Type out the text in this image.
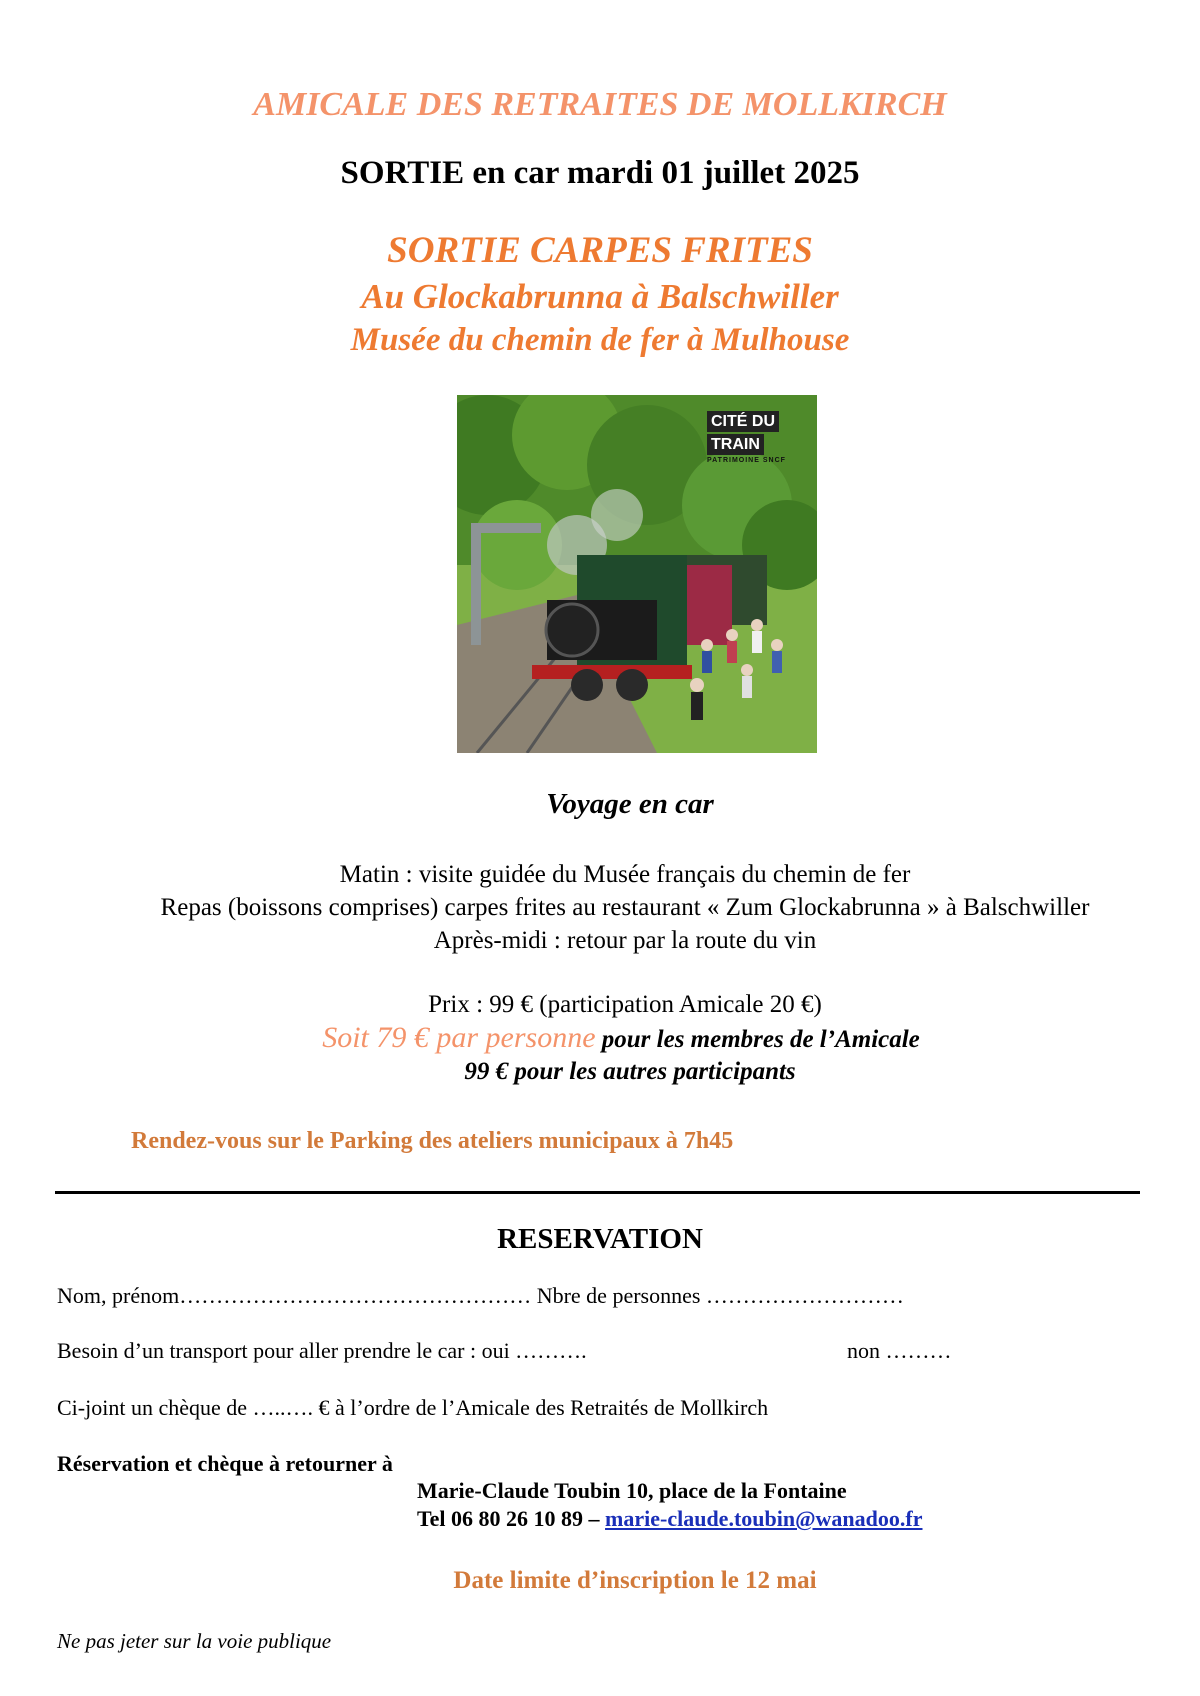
AMICALE DES RETRAITES DE MOLLKIRCH
SORTIE en car mardi 01 juillet 2025
SORTIE CARPES FRITES
Au Glockabrunna à Balschwiller
Musée du chemin de fer à Mulhouse
CITÉ DU
TRAIN
PATRIMOINE SNCF
Voyage en car
Matin : visite guidée du Musée français du chemin de fer
Repas (boissons comprises) carpes frites au restaurant « Zum Glockabrunna » à Balschwiller
Après-midi : retour par la route du vin
Prix : 99 € (participation Amicale 20 €)
Soit 79 € par personne pour les membres de l’Amicale
99 € pour les autres participants
Rendez-vous sur le Parking des ateliers municipaux à 7h45
RESERVATION
Nom, prénom………………………………………… Nbre de personnes ………………………
Besoin d’un transport pour aller prendre le car : oui ……….	non ………
Ci-joint un chèque de …..…. € à l’ordre de l’Amicale des Retraités de Mollkirch
Réservation et chèque à retourner à
Marie-Claude Toubin 10, place de la Fontaine
Tel 06 80 26 10 89 – marie-claude.toubin@wanadoo.fr
Date limite d’inscription le 12 mai
Ne pas jeter sur la voie publique
